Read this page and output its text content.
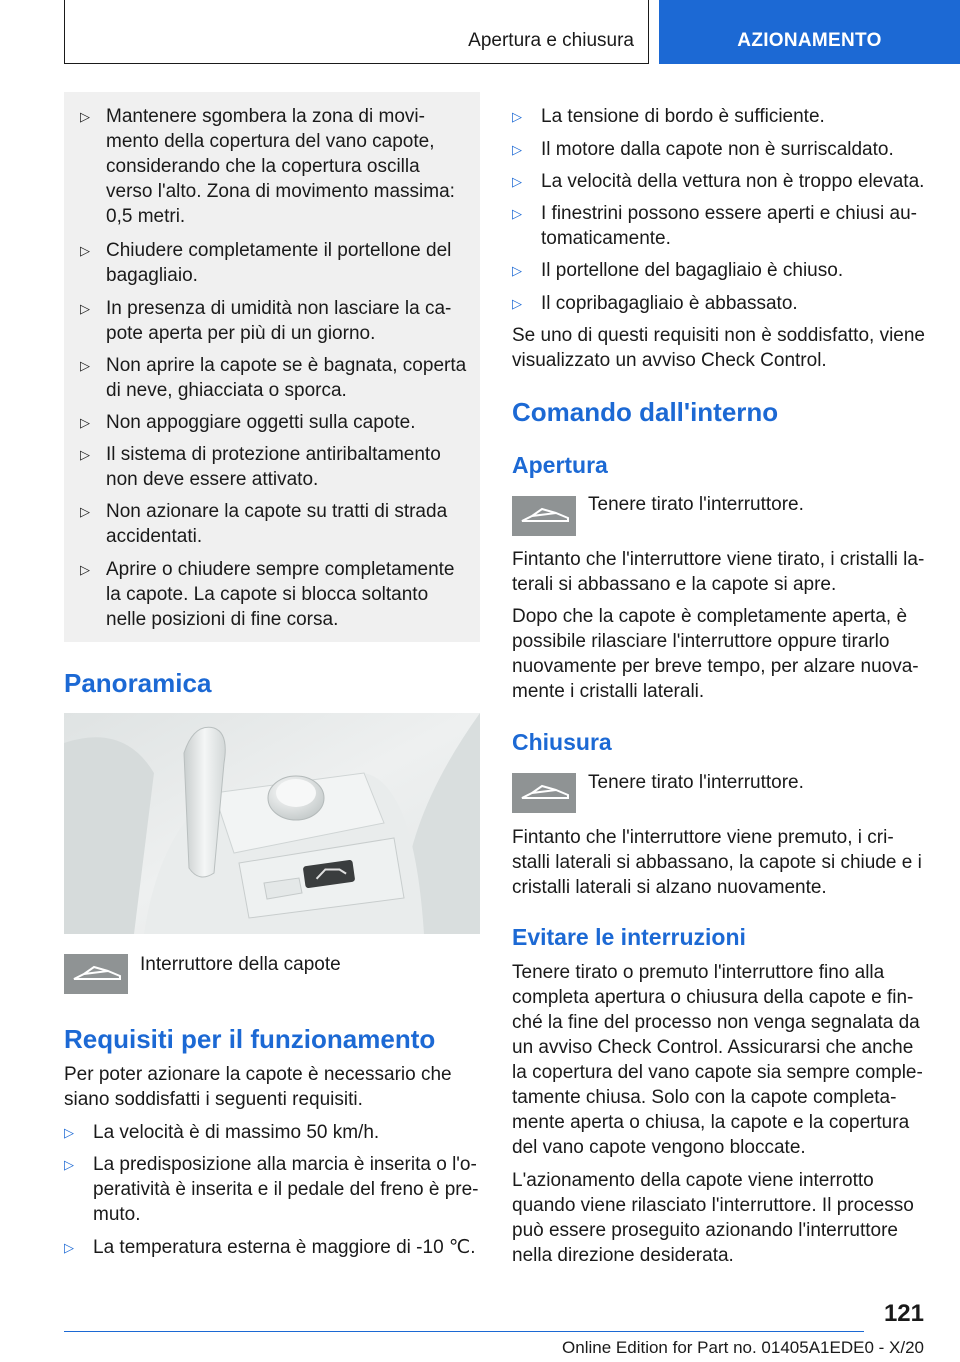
Apertura e chiusura	AZIONAMENTO
▷ Mantenere sgombera la zona di movi-
mento della copertura del vano capote,
considerando che la copertura oscilla
verso l'alto. Zona di movimento massima:
0,5 metri.
▷ Chiudere completamente il portellone del
bagagliaio.
▷ In presenza di umidità non lasciare la ca-
pote aperta per più di un giorno.
▷ Non aprire la capote se è bagnata, coperta
di neve, ghiacciata o sporca.
▷ Non appoggiare oggetti sulla capote.
▷ Il sistema di protezione antiribaltamento
non deve essere attivato.
▷ Non azionare la capote su tratti di strada
accidentati.
▷ Aprire o chiudere sempre completamente
la capote. La capote si blocca soltanto
nelle posizioni di fine corsa.
Panoramica
Interruttore della capote
Requisiti per il funzionamento
Per poter azionare la capote è necessario che
siano soddisfatti i seguenti requisiti.
▷	La velocità è di massimo 50 km/h.
▷	La predisposizione alla marcia è inserita o l'o-
peratività è inserita e il pedale del freno è pre-
muto.
▷	La temperatura esterna è maggiore di -10 ℃.
▷	La tensione di bordo è sufficiente.
▷	Il motore dalla capote non è surriscaldato.
▷	La velocità della vettura non è troppo elevata.
▷	I finestrini possono essere aperti e chiusi au-
tomaticamente.
▷	Il portellone del bagagliaio è chiuso.
▷	Il copribagagliaio è abbassato.
Se uno di questi requisiti non è soddisfatto, viene
visualizzato un avviso Check Control.
Comando dall'interno
Apertura
Tenere tirato l'interruttore.
Fintanto che l'interruttore viene tirato, i cristalli la-
terali si abbassano e la capote si apre.
Dopo che la capote è completamente aperta, è
possibile rilasciare l'interruttore oppure tirarlo
nuovamente per breve tempo, per alzare nuova-
mente i cristalli laterali.
Chiusura
Tenere tirato l'interruttore.
Fintanto che l'interruttore viene premuto, i cri-
stalli laterali si abbassano, la capote si chiude e i
cristalli laterali si alzano nuovamente.
Evitare le interruzioni
Tenere tirato o premuto l'interruttore fino alla
completa apertura o chiusura della capote e fin-
ché la fine del processo non venga segnalata da
un avviso Check Control. Assicurarsi che anche
la copertura del vano capote sia sempre comple-
tamente chiusa. Solo con la capote completa-
mente aperta o chiusa, la capote e la copertura
del vano capote vengono bloccate.
L'azionamento della capote viene interrotto
quando viene rilasciato l'interruttore. Il processo
può essere proseguito azionando l'interruttore
nella direzione desiderata.
121
Online Edition for Part no. 01405A1EDE0 - X/20
